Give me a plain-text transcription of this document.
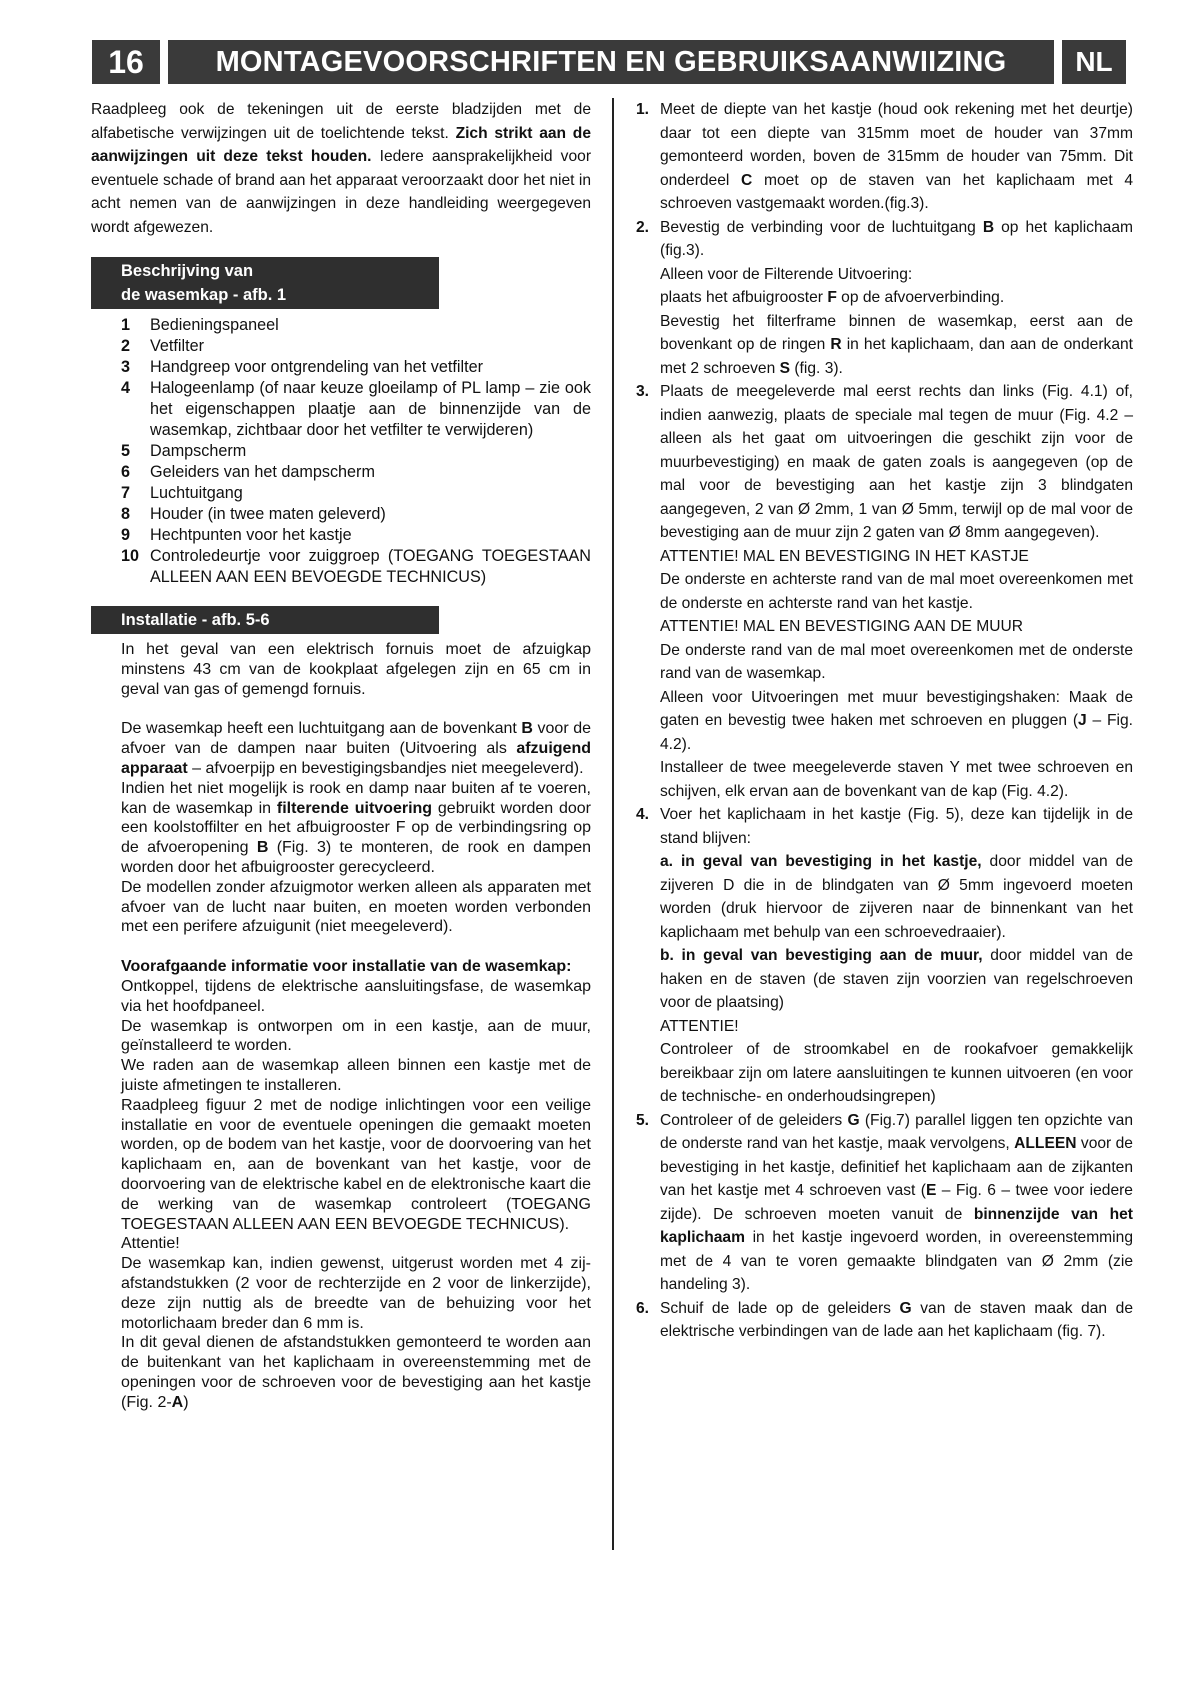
16	MONTAGEVOORSCHRIFTEN EN GEBRUIKSAANWIIZING	NL

Raadpleeg ook de tekeningen uit de eerste bladzijden met de alfabetische verwijzingen uit de toelichtende tekst. Zich strikt aan de aanwijzingen uit deze tekst houden. Iedere aansprakelijkheid voor eventuele schade of brand aan het apparaat veroorzaakt door het niet in acht nemen van de aanwijzingen in deze handleiding weergegeven wordt afgewezen.

Beschrijving van
de wasemkap - afb. 1
1	Bedieningspaneel
2	Vetfilter
3	Handgreep voor ontgrendeling van het vetfilter
4	Halogeenlamp (of naar keuze gloeilamp of PL lamp – zie ook het eigenschappen plaatje aan de binnenzijde van de wasemkap, zichtbaar door het vetfilter te verwijderen)
5	Dampscherm
6	Geleiders van het dampscherm
7	Luchtuitgang
8	Houder (in twee maten geleverd)
9	Hechtpunten voor het kastje
10 Controledeurtje voor zuiggroep (TOEGANG TOEGESTAAN ALLEEN AAN EEN BEVOEGDE TECHNICUS)
Installatie - afb. 5-6

In het geval van een elektrisch fornuis moet de afzuigkap minstens 43 cm van de kookplaat afgelegen zijn en 65 cm in geval van gas of gemengd fornuis.

De wasemkap heeft een luchtuitgang aan de bovenkant B voor de afvoer van de dampen naar buiten (Uitvoering als afzuigend apparaat – afvoerpijp en bevestigingsbandjes niet meegeleverd).

Indien het niet mogelijk is rook en damp naar buiten af te voeren, kan de wasemkap in filterende uitvoering gebruikt worden door een koolstoffilter en het afbuigrooster F op de verbindingsring op de afvoeropening B (Fig. 3) te monteren, de rook en dampen worden door het afbuigrooster gerecycleerd.

De modellen zonder afzuigmotor werken alleen als apparaten met afvoer van de lucht naar buiten, en moeten worden verbonden met een perifere afzuigunit (niet meegeleverd).

Voorafgaande informatie voor installatie van de wasemkap:

Ontkoppel, tijdens de elektrische aansluitingsfase, de wasemkap via het hoofdpaneel.

De wasemkap is ontworpen om in een kastje, aan de muur, geïnstalleerd te worden.

We raden aan de wasemkap alleen binnen een kastje met de juiste afmetingen te installeren.

Raadpleeg figuur 2 met de nodige inlichtingen voor een veilige installatie en voor de eventuele openingen die gemaakt moeten worden, op de bodem van het kastje, voor de doorvoering van het kaplichaam en, aan de bovenkant van het kastje, voor de doorvoering van de elektrische kabel en de elektronische kaart die de werking van de wasemkap controleert (TOEGANG TOEGESTAAN ALLEEN AAN EEN BEVOEGDE TECHNICUS).

Attentie!

De wasemkap kan, indien gewenst, uitgerust worden met 4 zij- afstandstukken (2 voor de rechterzijde en 2 voor de linkerzijde), deze zijn nuttig als de breedte van de behuizing voor het motorlichaam breder dan 6 mm is.

In dit geval dienen de afstandstukken gemonteerd te worden aan de buitenkant van het kaplichaam in overeenstemming met de openingen voor de schroeven voor de bevestiging aan het kastje (Fig. 2-A)

1. Meet de diepte van het kastje (houd ook rekening met het deurtje) daar tot een diepte van 315mm moet de houder van 37mm gemonteerd worden, boven de 315mm de houder van 75mm. Dit onderdeel C moet op de staven van het kaplichaam met 4 schroeven vastgemaakt worden.(fig.3).

2. Bevestig de verbinding voor de luchtuitgang B op het kaplichaam (fig.3).

Alleen voor de Filterende Uitvoering:

plaats het afbuigrooster F op de afvoerverbinding.

Bevestig het filterframe binnen de wasemkap, eerst aan de bovenkant op de ringen R in het kaplichaam, dan aan de onderkant met 2 schroeven S (fig. 3).

3. Plaats de meegeleverde mal eerst rechts dan links (Fig. 4.1) of, indien aanwezig, plaats de speciale mal tegen de muur (Fig. 4.2 – alleen als het gaat om uitvoeringen die geschikt zijn voor de muurbevestiging) en maak de gaten zoals is aangegeven (op de mal voor de bevestiging aan het kastje zijn 3 blindgaten aangegeven, 2 van Ø 2mm, 1 van Ø 5mm, terwijl op de mal voor de bevestiging aan de muur zijn 2 gaten van Ø 8mm aangegeven).

ATTENTIE! MAL EN BEVESTIGING IN HET KASTJE

De onderste en achterste rand van de mal moet overeenkomen met de onderste en achterste rand van het kastje.

ATTENTIE! MAL EN BEVESTIGING AAN DE MUUR

De onderste rand van de mal moet overeenkomen met de onderste rand van de wasemkap.

Alleen voor Uitvoeringen met muur bevestigingshaken: Maak de gaten en bevestig twee haken met schroeven en pluggen (J – Fig. 4.2).

Installeer de twee meegeleverde staven Y met twee schroeven en schijven, elk ervan aan de bovenkant van de kap (Fig. 4.2).

4. Voer het kaplichaam in het kastje (Fig. 5), deze kan tijdelijk in de stand blijven:

a. in geval van bevestiging in het kastje, door middel van de zijveren D die in de blindgaten van Ø 5mm ingevoerd moeten worden (druk hiervoor de zijveren naar de binnenkant van het kaplichaam met behulp van een schroevedraaier).

b. in geval van bevestiging aan de muur, door middel van de haken en de staven (de staven zijn voorzien van regelschroeven voor de plaatsing)

ATTENTIE!

Controleer of de stroomkabel en de rookafvoer gemakkelijk bereikbaar zijn om latere aansluitingen te kunnen uitvoeren (en voor de technische- en onderhoudsingrepen)

5. Controleer of de geleiders G (Fig.7) parallel liggen ten opzichte van de onderste rand van het kastje, maak vervolgens, ALLEEN voor de bevestiging in het kastje, definitief het kaplichaam aan de zijkanten van het kastje met 4 schroeven vast (E – Fig. 6 – twee voor iedere zijde). De schroeven moeten vanuit de binnenzijde van het kaplichaam in het kastje ingevoerd worden, in overeenstemming met de 4 van te voren gemaakte blindgaten van Ø 2mm (zie handeling 3).

6. Schuif de lade op de geleiders G van de staven maak dan de elektrische verbindingen van de lade aan het kaplichaam (fig. 7).
